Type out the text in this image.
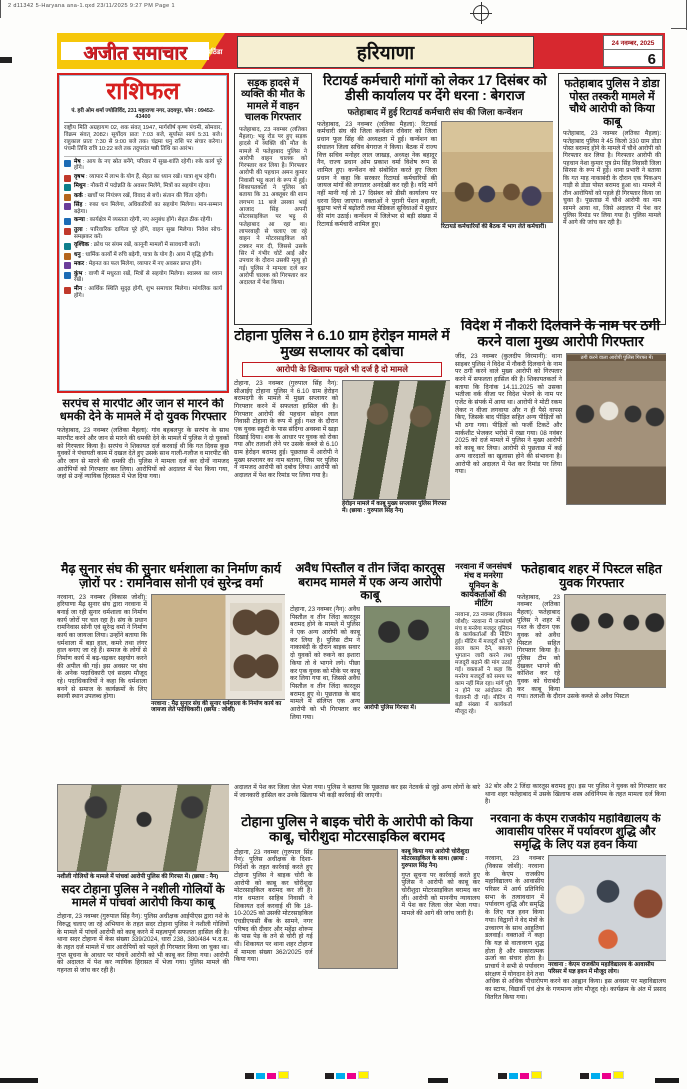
2 d11342 5-Haryana ana-1.qxd 23/11/2025 9:27 PM Page 1
अजीत समाचार	बठिंडा	हरियाणा	24 नवम्बर, 2025
6
राशिफल
पं. हरी ओम शर्मा ज्योतिर्विद, 231 महाराणा नगर, उदयपुर, फोन : 09452-43400
राष्ट्रीय मिति अग्रहायण 02, शक संवत् 1947, मार्गशीर्ष कृष्ण पंचमी, सोमवार, विक्रम संवत् 2082। सूर्योदय प्रातः 7:03 बजे, सूर्यास्त सायं 5:31 बजे। राहुकाल प्रातः 7:30 से 9:00 बजे तक। चंद्रमा धनु राशि पर संचार करेगा। पंचमी तिथि रात्रि 10:22 बजे तक तदुपरांत षष्ठी तिथि का आरंभ।
मेष : आय के नए स्रोत बनेंगे, परिवार में सुख-शांति रहेगी। रुके कार्य पूरे होंगे।
वृषभ : व्यापार में लाभ के योग हैं, सेहत का ध्यान रखें। यात्रा शुभ रहेगी।
मिथुन : नौकरी में पदोन्नति के अवसर मिलेंगे, मित्रों का सहयोग रहेगा।
कर्क : खर्चों पर नियंत्रण रखें, विवाद से बचें। संतान की चिंता रहेगी।
सिंह : रुका धन मिलेगा, अधिकारियों का सहयोग मिलेगा। मान-सम्मान बढ़ेगा।
कन्या : कार्यक्षेत्र में व्यस्तता रहेगी, नए अनुबंध होंगे। सेहत ठीक रहेगी।
तुला : पारिवारिक दायित्व पूरे होंगे, वाहन सुख मिलेगा। निवेश सोच-समझकर करें।
वृश्चिक : क्रोध पर संयम रखें, कानूनी मामलों में सावधानी बरतें।
धनु : धार्मिक कार्यों में रुचि बढ़ेगी, यात्रा के योग हैं। आय में वृद्धि होगी।
मकर : मेहनत का फल मिलेगा, व्यापार में नए अवसर प्राप्त होंगे।
कुंभ : वाणी में मधुरता रखें, मित्रों से सहयोग मिलेगा। स्वास्थ्य का ध्यान रखें।
मीन : आर्थिक स्थिति सुदृढ़ होगी, शुभ समाचार मिलेगा। मांगलिक कार्य होंगे।
सड़क हादसे में व्यक्ति की मौत के मामले में वाहन चालक गिरफ्तार
फतेहाबाद, 23 नवम्बर (लतिका मैहला): भट्टू रोड पर हुए सड़क हादसे में व्यक्ति की मौत के मामले में फतेहाबाद पुलिस ने आरोपी वाहन चालक को गिरफ्तार कर लिया है। गिरफ्तार आरोपी की पहचान अमन कुमार निवासी भट्टू कलां के रूप में हुई। शिकायतकर्ता ने पुलिस को बताया कि 31 अक्तूबर की शाम लगभग 11 बजे उसका भाई आजाद सिंह अपनी मोटरसाइकिल पर भट्टू से फतेहाबाद आ रहा था। लापरवाही से चलाए जा रहे वाहन ने मोटरसाइकिल को टक्कर मार दी, जिससे उसके सिर में गंभीर चोटें आईं और उपचार के दौरान उसकी मृत्यु हो गई। पुलिस ने मामला दर्ज कर आरोपी चालक को गिरफ्तार कर अदालत में पेश किया।
रिटायर्ड कर्मचारी मांगों को लेकर 17 दिसंबर को डीसी कार्यालय पर देंगे धरना : बेगराज
फतेहाबाद में हुई रिटायर्ड कर्मचारी संघ की जिला कन्वेंशन
रिटायर्ड कर्मचारियों की बैठक में भाग लेते कर्मचारी।
फतेहाबाद, 23 नवम्बर (लतिका मैहला): रिटायर्ड कर्मचारी संघ की जिला कन्वेंशन रविवार को जिला प्रधान फूल सिंह की अध्यक्षता में हुई। कन्वेंशन का संचालन जिला सचिव बेगराज ने किया। बैठक में राज्य वित्त सचिव मनोहर लाल जाखड़, अध्यक्ष नेक बहादुर नैन, राज्य प्रधान ओम प्रकाश वर्मा विशेष रूप से शामिल हुए। कन्वेंशन को संबोधित करते हुए जिला प्रधान ने कहा कि सरकार रिटायर्ड कर्मचारियों की जायज मांगों की लगातार अनदेखी कर रही है। यदि मांगें नहीं मानी गईं तो 17 दिसंबर को डीसी कार्यालय पर धरना दिया जाएगा। वक्ताओं ने पुरानी पेंशन बहाली, बुढ़ापा भत्ते में बढ़ोतरी तथा मेडिकल सुविधाओं में सुधार की मांग उठाई। कन्वेंशन में जिलेभर से बड़ी संख्या में रिटायर्ड कर्मचारी शामिल हुए।
फतेहाबाद पुलिस ने डोडा पोस्त तस्करी मामले में चौथे आरोपी को किया काबू
फतेहाबाद, 23 नवम्बर (लतिका मैहला): फतेहाबाद पुलिस ने 45 किलो 330 ग्राम डोडा पोस्त बरामद होने के मामले में चौथे आरोपी को गिरफ्तार कर लिया है। गिरफ्तार आरोपी की पहचान नेशा कुमार पुत्र प्रेम सिंह निवासी जिला सिरसा के रूप में हुई। थाना प्रभारी ने बताया कि गत माह नाकाबंदी के दौरान एक पिकअप गाड़ी से डोडा पोस्त बरामद हुआ था। मामले में तीन आरोपियों को पहले ही गिरफ्तार किया जा चुका है। पूछताछ में चौथे आरोपी का नाम सामने आया था, जिसे अदालत में पेश कर पुलिस रिमांड पर लिया गया है। पुलिस मामले में आगे की जांच कर रही है।
सरपंच से मारपीट और जान से मारने की धमकी देने के मामले में दो युवक गिरफ्तार
फतेहाबाद, 23 नवम्बर (लतिका मैहला): गांव बहबलपुर के सरपंच के साथ मारपीट करने और जान से मारने की धमकी देने के मामले में पुलिस ने दो युवकों को गिरफ्तार किया है। सरपंच ने शिकायत दर्ज करवाई थी कि गत दिवस कुछ युवकों ने पंचायती काम में दखल देते हुए उसके साथ गाली-गलौज व मारपीट की और जान से मारने की धमकी दी। पुलिस ने मामला दर्ज कर दोनों नामजद आरोपियों को गिरफ्तार कर लिया। आरोपियों को अदालत में पेश किया गया, जहां से उन्हें न्यायिक हिरासत में भेज दिया गया।
टोहाना पुलिस ने 6.10 ग्राम हेरोइन मामले में मुख्य सप्लायर को दबोचा
आरोपी के खिलाफ पहले भी दर्ज है दो मामले
हेरोइन मामले में काबू मुख्य सप्लायर पुलिस गिरफ्त में। (छाया : गुरुपाल सिंह नैन)
टोहाना, 23 नवम्बर (गुरुपाल सिंह नैन): सीआईए टोहाना पुलिस ने 6.10 ग्राम हेरोइन बरामदगी के मामले में मुख्य सप्लायर को गिरफ्तार करने में सफलता हासिल की है। गिरफ्तार आरोपी की पहचान सोहन लाल निवासी टोहाना के रूप में हुई। गश्त के दौरान एक युवक स्कूटी के पास संदिग्ध अवस्था में खड़ा दिखाई दिया। शक के आधार पर युवक को रोका गया और तलाशी लेने पर उसके कब्जे से 6.10 ग्राम हेरोइन बरामद हुई। पूछताछ में आरोपी ने मुख्य सप्लायर का नाम बताया, जिस पर पुलिस ने नामजद आरोपी को दबोच लिया। आरोपी को अदालत में पेश कर रिमांड पर लिया गया है।
विदेश में नौकरी दिलवाने के नाम पर ठगी करने वाला मुख्य आरोपी गिरफ्तार
ठगी करने वाला आरोपी पुलिस गिरफ्त में।
जींद, 23 नवम्बर (कुलदीप विरमानी): थाना साइबर पुलिस ने विदेश में नौकरी दिलवाने के नाम पर ठगी करने वाले मुख्य आरोपी को गिरफ्तार करने में सफलता हासिल की है। शिकायतकर्ता ने बताया कि दिनांक 14.11.2025 को उसका भतीजा वर्क वीजा पर विदेश भेजने के नाम पर एजेंट के संपर्क में आया था। आरोपी ने मोटी रकम लेकर न वीजा लगवाया और न ही पैसे वापस किए, जिसके बाद पीड़ित सहित अन्य पीड़ितों को भी ठगा गया। पीड़ितों को फर्जी टिकटें और मार्कशीट भेजकर भरोसे में रखा गया। 08 नवंबर 2025 को दर्ज मामले में पुलिस ने मुख्य आरोपी को काबू कर लिया। आरोपी से पूछताछ में कई अन्य वारदातों का खुलासा होने की संभावना है। आरोपी को अदालत में पेश कर रिमांड पर लिया गया।
मैढ़ सुनार संघ की सुनार धर्मशाला का निर्माण कार्य ज़ोरों पर : रामनिवास सोनी एवं सुरेन्द्र वर्मा
नरवाना : मैढ़ सुनार संघ की सुनार धर्मशाला के निर्माण कार्य का जायजा लेते पदाधिकारी। (छाया : जोशी)
नरवाना, 23 नवम्बर (विकास जोशी): हरियाणा मैढ़ सुनार संघ द्वारा नरवाना में बनाई जा रही सुनार धर्मशाला का निर्माण कार्य जोरों पर चल रहा है। संघ के प्रधान रामनिवास सोनी एवं सुरेन्द्र वर्मा ने निर्माण कार्य का जायजा लिया। उन्होंने बताया कि धर्मशाला में बड़ा हाल, कमरे तथा लंगर हाल बनाए जा रहे हैं। समाज के लोगों से निर्माण कार्य में बढ़-चढ़कर सहयोग करने की अपील की गई। इस अवसर पर संघ के अनेक पदाधिकारी एवं सदस्य मौजूद रहे। पदाधिकारियों ने कहा कि धर्मशाला बनने से समाज के कार्यक्रमों के लिए स्थायी स्थान उपलब्ध होगा।
अवैध पिस्तौल व तीन जिंदा कारतूस बरामद मामले में एक अन्य आरोपी काबू
आरोपी पुलिस गिरफ्त में।
टोहाना, 23 नवम्बर (नैन): अवैध पिस्तौल व तीन जिंदा कारतूस बरामद होने के मामले में पुलिस ने एक अन्य आरोपी को काबू कर लिया है। पुलिस टीम ने नाकाबंदी के दौरान बाइक सवार दो युवकों को रुकने का इशारा किया तो वे भागने लगे। पीछा कर एक युवक को मौके पर काबू कर लिया गया था, जिससे अवैध पिस्तौल व तीन जिंदा कारतूस बरामद हुए थे। पूछताछ के बाद मामले में संलिप्त एक अन्य आरोपी को भी गिरफ्तार कर लिया गया।
अदालत में पेश कर जिला जेल भेजा गया। पुलिस ने बताया कि पूछताछ कर इस नेटवर्क से जुड़े अन्य लोगों के बारे में जानकारी हासिल कर उनके खिलाफ भी कड़ी कार्रवाई की जाएगी।
नरवाना में जनसंघर्ष मंच व मनरेगा यूनियन के कार्यकर्ताओं की मीटिंग
नरवाना, 23 नवम्बर (विकास जोशी): नरवाना में जनसंघर्ष मंच व मनरेगा मजदूर यूनियन के कार्यकर्ताओं की मीटिंग हुई। मीटिंग में मजदूरों को पूरे साल काम देने, बकाया भुगतान जारी करने तथा मजदूरी बढ़ाने की मांग उठाई गई। वक्ताओं ने कहा कि मनरेगा मजदूरों को समय पर काम नहीं मिल रहा। मांगें पूरी न होने पर आंदोलन की चेतावनी दी गई। मीटिंग में बड़ी संख्या में कार्यकर्ता मौजूद रहे।
फतेहाबाद शहर में पिस्टल सहित युवक गिरफ्तार
फतेहाबाद, 23 नवम्बर (लतिका मैहला): फतेहाबाद पुलिस ने शहर में गश्त के दौरान एक युवक को अवैध पिस्टल सहित गिरफ्तार किया है। पुलिस टीम को देखकर भागने की कोशिश कर रहे युवक को घेराबंदी कर काबू किया गया। तलाशी के दौरान उसके कब्जे से अवैध पिस्टल
32 बोर और 2 जिंदा कारतूस बरामद हुए। इस पर पुलिस ने युवक को गिरफ्तार कर थाना शहर फतेहाबाद में उसके खिलाफ शस्त्र अधिनियम के तहत मामला दर्ज किया है।
नशीली गोलियों के मामले में पांचवां आरोपी पुलिस की गिरफ्त में। (छाया : नैन)
सदर टोहाना पुलिस ने नशीली गोलियों के मामले में पांचवां आरोपी किया काबू
टोहाना, 23 नवम्बर (गुरुपाल सिंह नैन): पुलिस अधीक्षक आईपीएस द्वारा नशे के विरुद्ध चलाए जा रहे अभियान के तहत सदर टोहाना पुलिस ने नशीली गोलियों के मामले में पांचवें आरोपी को काबू करने में महत्वपूर्ण सफलता हासिल की है। थाना सदर टोहाना में केस संख्या 339/2024, धारा 238, 380/484 भ.द.स. के तहत दर्ज मामले में चार आरोपियों को पहले ही गिरफ्तार किया जा चुका था। गुप्त सूचना के आधार पर पांचवें आरोपी को भी काबू कर लिया गया। आरोपी को अदालत में पेश कर न्यायिक हिरासत में भेजा गया। पुलिस मामले की गहनता से जांच कर रही है।
टोहाना पुलिस ने बाइक चोरी के आरोपी को किया काबू, चोरीशुदा मोटरसाइकिल बरामद
टोहाना, 23 नवम्बर (गुरुपाल सिंह नैन): पुलिस अधीक्षक के दिशा-निर्देशों के तहत कार्रवाई करते हुए टोहाना पुलिस ने बाइक चोरी के आरोपी को काबू कर चोरीशुदा मोटरसाइकिल बरामद कर ली है। गांव धमतान साहिब निवासी ने शिकायत दर्ज करवाई थी कि 18-10-2025 को उसकी मोटरसाइकिल एचडीएफसी बैंक के सामने, नगर परिषद की दीवार और महेंद्रा शोरूम के पास पेड़ के तने से चोरी हो गई थी। शिकायत पर थाना शहर टोहाना में मामला संख्या 362/2025 दर्ज किया गया।
काबू किया गया आरोपी चोरीशुदा मोटरसाइकिल के साथ। (छाया : गुरुपाल सिंह नैन)
गुप्त सूचना पर कार्रवाई करते हुए पुलिस ने आरोपी को काबू कर चोरीशुदा मोटरसाइकिल बरामद कर ली। आरोपी को माननीय न्यायालय में पेश कर जिला जेल भेजा गया। मामले की आगे की जांच जारी है।
नरवाना के केएम राजकीय महाविद्यालय के आवासीय परिसर में पर्यावरण शुद्धि और समृद्धि के लिए यज्ञ हवन किया
नरवाना : केएम राजकीय महाविद्यालय के आवासीय परिसर में यज्ञ हवन में मौजूद लोग।
नरवाना, 23 नवम्बर (विकास जोशी): नरवाना के केएम राजकीय महाविद्यालय के आवासीय परिसर में आर्य प्रतिनिधि सभा के तत्वावधान में पर्यावरण शुद्धि और समृद्धि के लिए यज्ञ हवन किया गया। विद्वानों ने वेद मंत्रों के उच्चारण के साथ आहुतियां डलवाईं। वक्ताओं ने कहा कि यज्ञ से वातावरण शुद्ध होता है और सकारात्मक ऊर्जा का संचार होता है। प्राचार्य ने सभी से पर्यावरण संरक्षण में योगदान देने तथा अधिक से अधिक पौधारोपण करने का आह्वान किया। इस अवसर पर महाविद्यालय का स्टाफ, विद्यार्थी एवं क्षेत्र के गणमान्य लोग मौजूद रहे। कार्यक्रम के अंत में प्रसाद वितरित किया गया।
